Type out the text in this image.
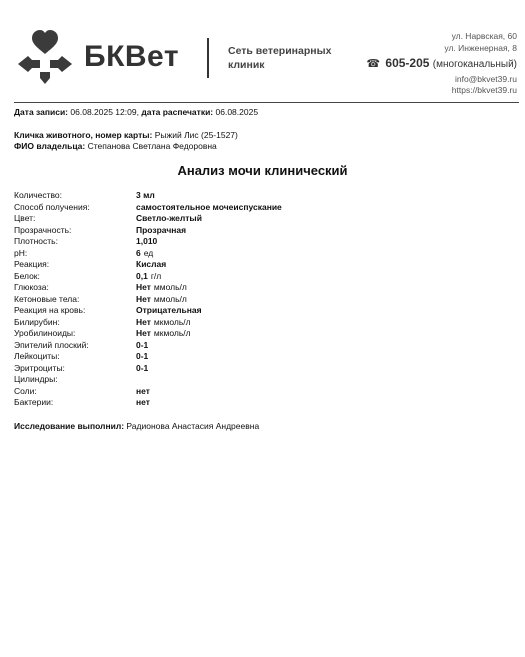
БКВет	Сеть ветеринарных клиник
ул. Нарвская, 60
ул. Инженерная, 8
☎ 605-205 (многоканальный)
info@bkvet39.ru
https://bkvet39.ru
Дата записи: 06.08.2025 12:09, дата распечатки: 06.08.2025
Кличка животного, номер карты: Рыжий Лис (25-1527)
ФИО владельца: Степанова Светлана Федоровна
Анализ мочи клинический
Количество:	3 мл
Способ получения:	самостоятельное мочеиспускание
Цвет:	Светло-желтый
Прозрачность:	Прозрачная
Плотность:	1,010
pH:	6 ед
Реакция:	Кислая
Белок:	0,1 г/л
Глюкоза:	Нет ммоль/л
Кетоновые тела:	Нет ммоль/л
Реакция на кровь:	Отрицательная
Билирубин:	Нет мкмоль/л
Уробилиноиды:	Нет мкмоль/л
Эпителий плоский:	0-1
Лейкоциты:	0-1
Эритроциты:	0-1
Цилиндры:
Соли:	нет
Бактерии:	нет
Исследование выполнил: Радионова Анастасия Андреевна
